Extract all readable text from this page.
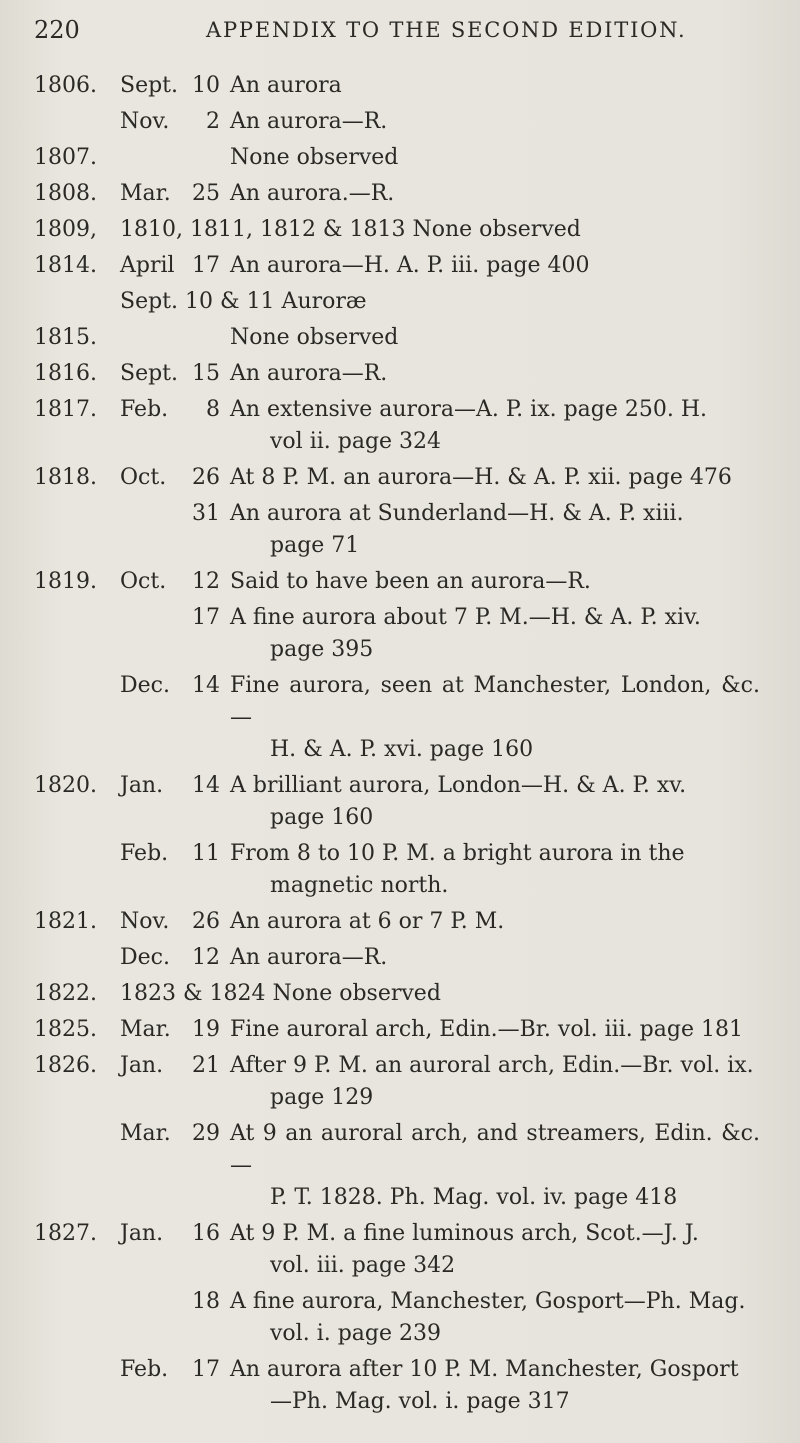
220	APPENDIX TO THE SECOND EDITION.
1806.	Sept. 10 An aurora
Nov.	2 An aurora—R.
1807.	None observed
1808.	Mar. 25 An aurora.—R.
1809,	1810, 1811, 1812 & 1813 None observed
1814.	April 17 An aurora—H. A. P. iii. page 400
Sept. 10 & 11 Auroræ
1815.	None observed
1816.	Sept. 15 An aurora—R.
1817.	Feb.	8 An extensive aurora—A. P. ix. page 250. H.
vol ii. page 324
1818.	Oct.	26 At 8 P. M. an aurora—H. & A. P. xii. page 476
31 An aurora at Sunderland—H. & A. P. xiii.
page 71
1819.	Oct.	12 Said to have been an aurora—R.
17 A fine aurora about 7 P. M.—H. & A. P. xiv.
page 395
Dec.	14 Fine aurora, seen at Manchester, London, &c.—
H. & A. P. xvi. page 160
1820.	Jan.	14 A brilliant aurora, London—H. & A. P. xv.
page 160
Feb.	11 From 8 to 10 P. M. a bright aurora in the
magnetic north.
1821.	Nov.	26 An aurora at 6 or 7 P. M.
Dec.	12 An aurora—R.
1822.	1823 & 1824 None observed
1825.	Mar. 19 Fine auroral arch, Edin.—Br. vol. iii. page 181
1826.	Jan.	21 After 9 P. M. an auroral arch, Edin.—Br. vol. ix.
page 129
Mar. 29 At 9 an auroral arch, and streamers, Edin. &c.—
P. T. 1828. Ph. Mag. vol. iv. page 418
1827.	Jan.	16 At 9 P. M. a fine luminous arch, Scot.—J. J.
vol. iii. page 342
18 A fine aurora, Manchester, Gosport—Ph. Mag.
vol. i. page 239
Feb.	17 An aurora after 10 P. M. Manchester, Gosport
—Ph. Mag. vol. i. page 317
